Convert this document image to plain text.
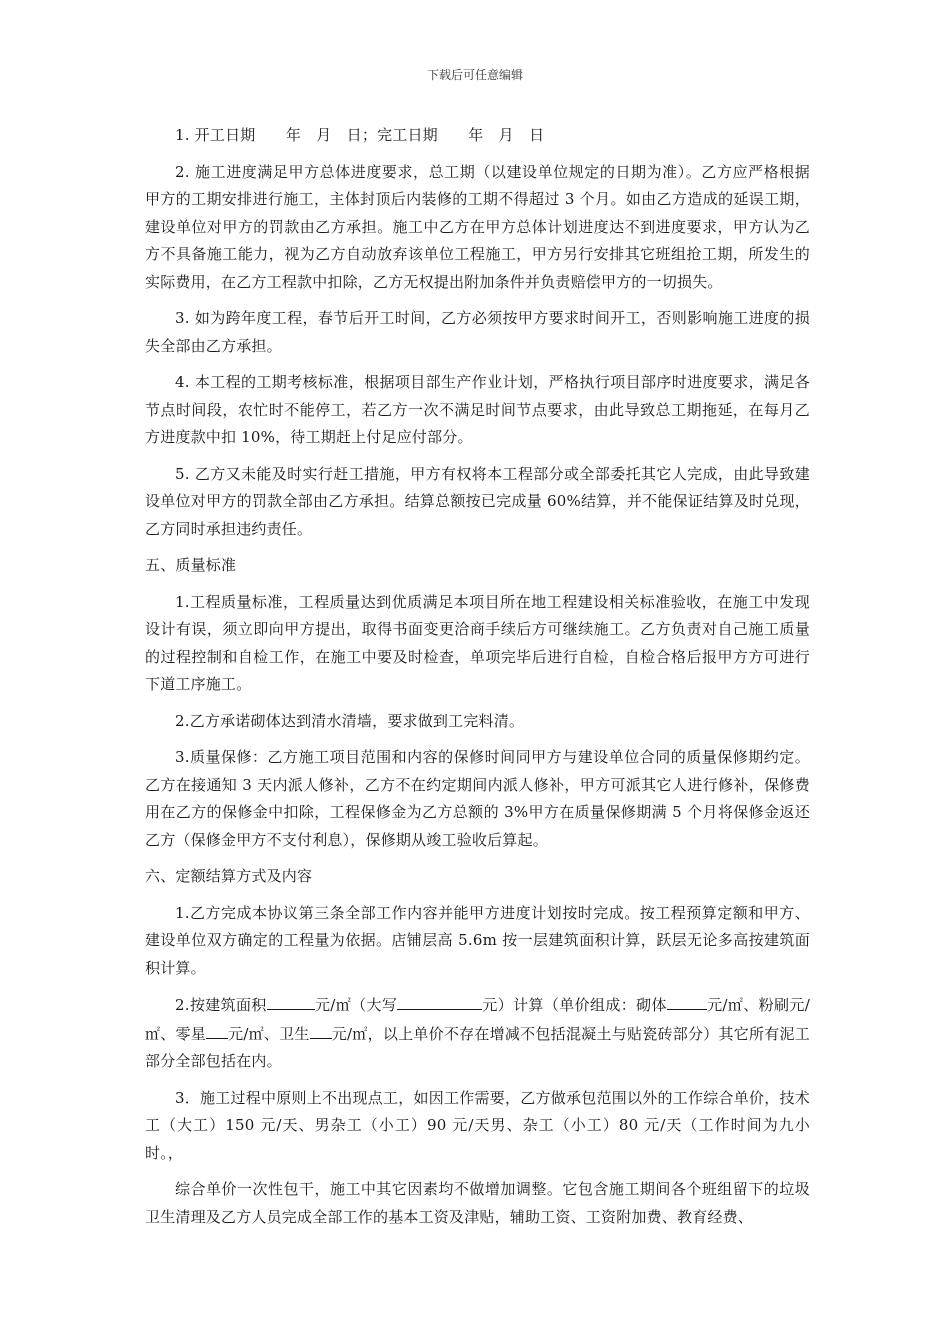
下载后可任意编辑

1. 开工日期　　年　月　日；完工日期　　年　月　日

2. 施工进度满足甲方总体进度要求，总工期（以建设单位规定的日期为准）。乙方应严格根据甲方的工期安排进行施工，主体封顶后内装修的工期不得超过 3 个月。如由乙方造成的延误工期，建设单位对甲方的罚款由乙方承担。施工中乙方在甲方总体计划进度达不到进度要求，甲方认为乙方不具备施工能力，视为乙方自动放弃该单位工程施工，甲方另行安排其它班组抢工期，所发生的实际费用，在乙方工程款中扣除，乙方无权提出附加条件并负责赔偿甲方的一切损失。

3. 如为跨年度工程，春节后开工时间，乙方必须按甲方要求时间开工，否则影响施工进度的损失全部由乙方承担。

4. 本工程的工期考核标准，根据项目部生产作业计划，严格执行项目部序时进度要求，满足各节点时间段，农忙时不能停工，若乙方一次不满足时间节点要求，由此导致总工期拖延，在每月乙方进度款中扣 10%，待工期赶上付足应付部分。

5. 乙方又未能及时实行赶工措施，甲方有权将本工程部分或全部委托其它人完成，由此导致建设单位对甲方的罚款全部由乙方承担。结算总额按已完成量 60%结算，并不能保证结算及时兑现，乙方同时承担违约责任。

五、质量标准

1.工程质量标准，工程质量达到优质满足本项目所在地工程建设相关标准验收，在施工中发现设计有误，须立即向甲方提出，取得书面变更洽商手续后方可继续施工。乙方负责对自己施工质量的过程控制和自检工作，在施工中要及时检查，单项完毕后进行自检，自检合格后报甲方方可进行下道工序施工。

2.乙方承诺砌体达到清水清墙，要求做到工完料清。

3.质量保修：乙方施工项目范围和内容的保修时间同甲方与建设单位合同的质量保修期约定。乙方在接通知 3 天内派人修补，乙方不在约定期间内派人修补，甲方可派其它人进行修补，保修费用在乙方的保修金中扣除，工程保修金为乙方总额的 3%甲方在质量保修期满 5 个月将保修金返还乙方（保修金甲方不支付利息），保修期从竣工验收后算起。

六、定额结算方式及内容

1.乙方完成本协议第三条全部工作内容并能甲方进度计划按时完成。按工程预算定额和甲方、建设单位双方确定的工程量为依据。店铺层高 5.6m 按一层建筑面积计算，跃层无论多高按建筑面积计算。

2.按建筑面积	元/㎡（大写	元）计算（单价组成：砌体	元/㎡、粉刷元/㎡、零星 元/㎡、卫生 元/㎡，以上单价不存在增减不包括混凝土与贴瓷砖部分）其它所有泥工部分全部包括在内。

3．施工过程中原则上不出现点工，如因工作需要，乙方做承包范围以外的工作综合单价，技术工（大工）150 元/天、男杂工（小工）90 元/天男、杂工（小工）80 元/天（工作时间为九小时。，

综合单价一次性包干，施工中其它因素均不做增加调整。它包含施工期间各个班组留下的垃圾卫生清理及乙方人员完成全部工作的基本工资及津贴，辅助工资、工资附加费、教育经费、
